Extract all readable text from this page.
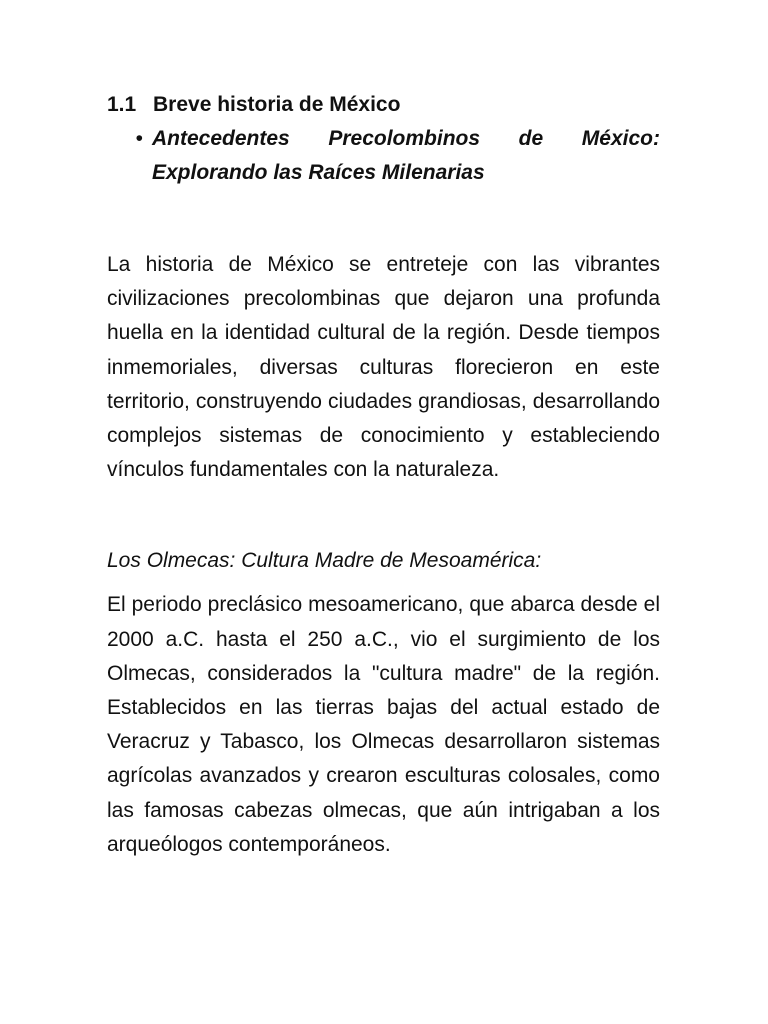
1.1 Breve historia de México
• Antecedentes Precolombinos de México: Explorando las Raíces Milenarias

La historia de México se entreteje con las vibrantes civilizaciones precolombinas que dejaron una profunda huella en la identidad cultural de la región. Desde tiempos inmemoriales, diversas culturas florecieron en este territorio, construyendo ciudades grandiosas, desarrollando complejos sistemas de conocimiento y estableciendo vínculos fundamentales con la naturaleza.

Los Olmecas: Cultura Madre de Mesoamérica:

El periodo preclásico mesoamericano, que abarca desde el 2000 a.C. hasta el 250 a.C., vio el surgimiento de los Olmecas, considerados la "cultura madre" de la región. Establecidos en las tierras bajas del actual estado de Veracruz y Tabasco, los Olmecas desarrollaron sistemas agrícolas avanzados y crearon esculturas colosales, como las famosas cabezas olmecas, que aún intrigaban a los arqueólogos contemporáneos.
